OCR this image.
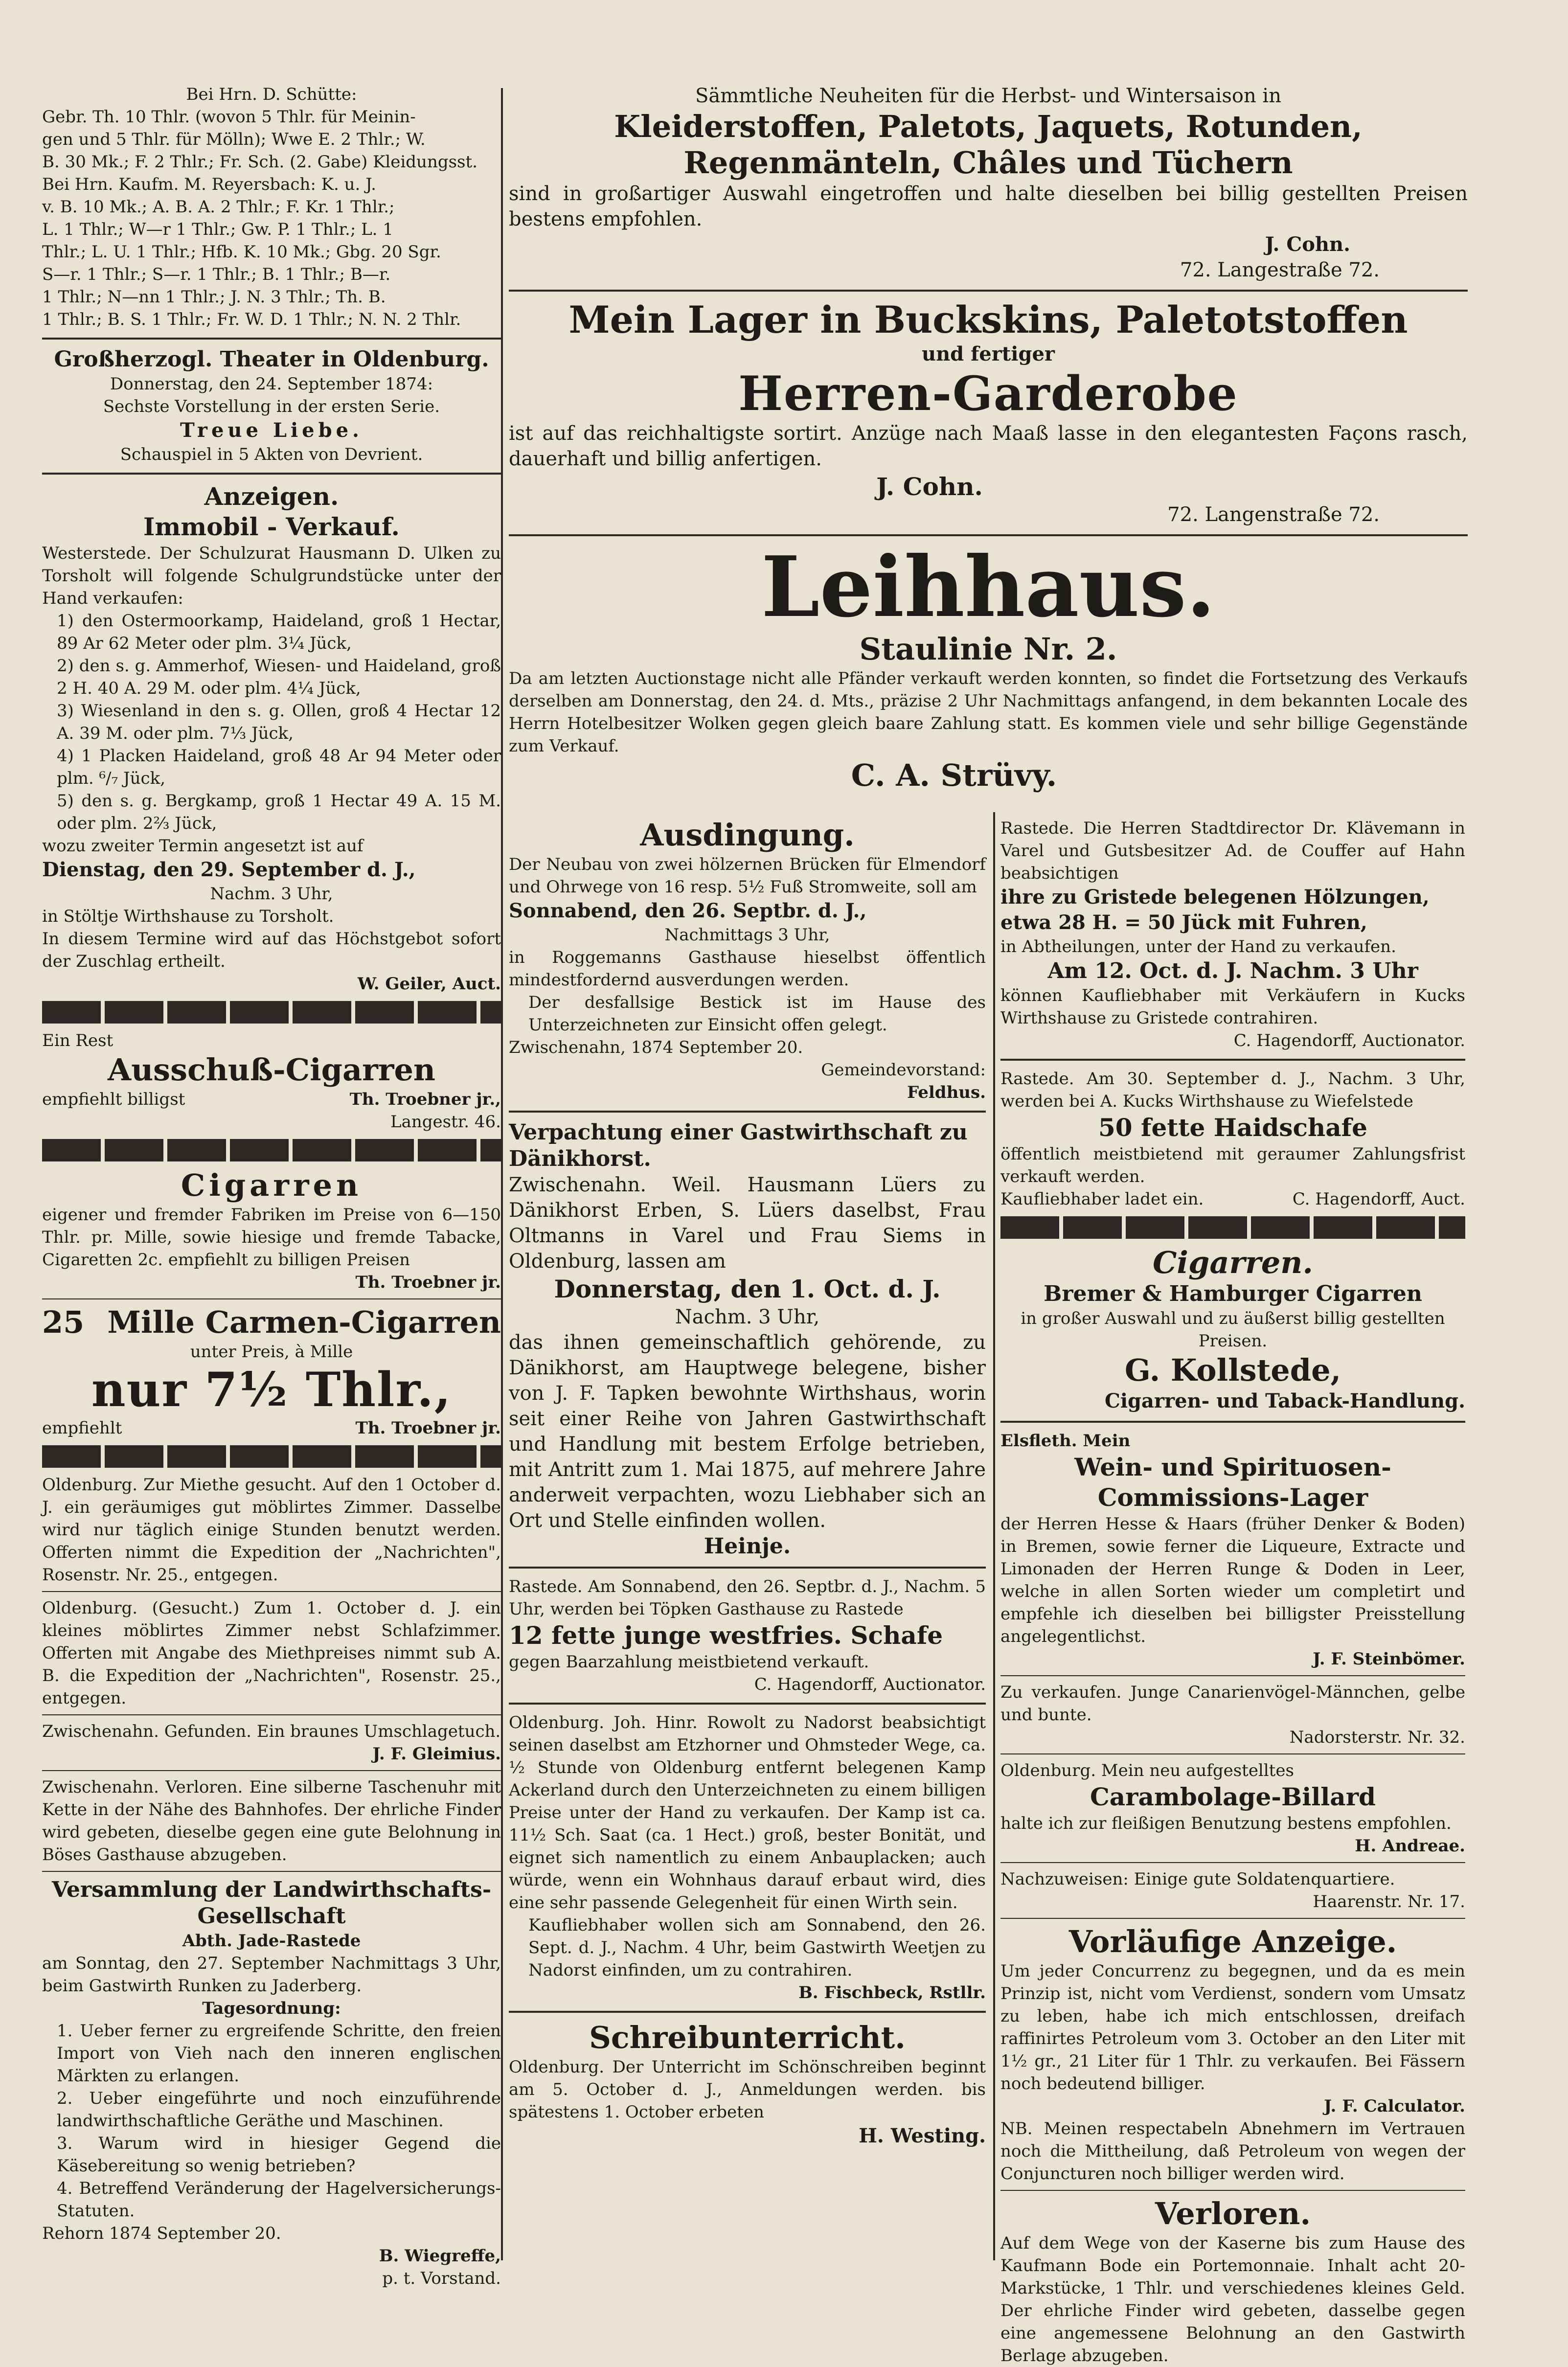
Bei Hrn. D. Schütte:

Gebr. Th. 10 Thlr. (wovon 5 Thlr. für Meinin-

gen und 5 Thlr. für Mölln); Wwe E. 2 Thlr.; W.

B. 30 Mk.; F. 2 Thlr.; Fr. Sch. (2. Gabe) Kleidungsst.

Bei Hrn. Kaufm. M. Reyersbach: K. u. J.

v. B. 10 Mk.; A. B. A. 2 Thlr.; F. Kr. 1 Thlr.;

L. 1 Thlr.; W—r 1 Thlr.; Gw. P. 1 Thlr.; L. 1

Thlr.; L. U. 1 Thlr.; Hfb. K. 10 Mk.; Gbg. 20 Sgr.

S—r. 1 Thlr.; S—r. 1 Thlr.; B. 1 Thlr.; B—r.

1 Thlr.; N—nn 1 Thlr.; J. N. 3 Thlr.; Th. B.

1 Thlr.; B. S. 1 Thlr.; Fr. W. D. 1 Thlr.; N. N. 2 Thlr.

Großherzogl. Theater in Oldenburg.

Donnerstag, den 24. September 1874:

Sechste Vorstellung in der ersten Serie.

Treue Liebe.

Schauspiel in 5 Akten von Devrient.

Anzeigen.

Immobil - Verkauf.

Westerstede. Der Schulzurat Hausmann D. Ulken zu Torsholt will folgende Schulgrundstücke unter der Hand verkaufen:

1) den Ostermoorkamp, Haideland, groß 1 Hectar, 89 Ar 62 Meter oder plm. 3¼ Jück,

2) den s. g. Ammerhof, Wiesen- und Haideland, groß 2 H. 40 A. 29 M. oder plm. 4¼ Jück,

3) Wiesenland in den s. g. Ollen, groß 4 Hectar 12 A. 39 M. oder plm. 7⅓ Jück,

4) 1 Placken Haideland, groß 48 Ar 94 Meter oder plm. ⁶/₇ Jück,

5) den s. g. Bergkamp, groß 1 Hectar 49 A. 15 M. oder plm. 2⅔ Jück,

wozu zweiter Termin angesetzt ist auf

Dienstag, den 29. September d. J.,

Nachm. 3 Uhr,

in Stöltje Wirthshause zu Torsholt.

In diesem Termine wird auf das Höchstgebot sofort der Zuschlag ertheilt.

W. Geiler, Auct.

Ein Rest

Ausschuß-Cigarren

empfiehlt billigst	Th. Troebner jr.,

Langestr. 46.

Cigarren

eigener und fremder Fabriken im Preise von 6—150 Thlr. pr. Mille, sowie hiesige und fremde Tabacke, Cigaretten 2c. empfiehlt zu billigen Preisen

Th. Troebner jr.

25 Mille Carmen-Cigarren

unter Preis, à Mille

nur 7½ Thlr.,

empfiehlt	Th. Troebner jr.

Oldenburg. Zur Miethe gesucht. Auf den 1 October d. J. ein geräumiges gut möblirtes Zimmer. Dasselbe wird nur täglich einige Stunden benutzt werden. Offerten nimmt die Expedition der „Nachrichten", Rosenstr. Nr. 25., entgegen.

Oldenburg. (Gesucht.) Zum 1. October d. J. ein kleines möblirtes Zimmer nebst Schlafzimmer. Offerten mit Angabe des Miethpreises nimmt sub A. B. die Expedition der „Nachrichten", Rosenstr. 25., entgegen.

Zwischenahn. Gefunden. Ein braunes Umschlagetuch.

J. F. Gleimius.

Zwischenahn. Verloren. Eine silberne Taschenuhr mit Kette in der Nähe des Bahnhofes. Der ehrliche Finder wird gebeten, dieselbe gegen eine gute Belohnung in Böses Gasthause abzugeben.

Versammlung der Landwirthschafts-Gesellschaft

Abth. Jade-Rastede

am Sonntag, den 27. September Nachmittags 3 Uhr, beim Gastwirth Runken zu Jaderberg.

Tagesordnung:

1. Ueber ferner zu ergreifende Schritte, den freien Import von Vieh nach den inneren englischen Märkten zu erlangen.

2. Ueber eingeführte und noch einzuführende landwirthschaftliche Geräthe und Maschinen.

3. Warum wird in hiesiger Gegend die Käsebereitung so wenig betrieben?

4. Betreffend Veränderung der Hagelversicherungs-Statuten.

Rehorn 1874 September 20.

B. Wiegreffe,

p. t. Vorstand.

Sämmtliche Neuheiten für die Herbst- und Wintersaison in

Kleiderstoffen, Paletots, Jaquets, Rotunden, Regenmänteln, Châles und Tüchern

sind in großartiger Auswahl eingetroffen und halte dieselben bei billig gestellten Preisen bestens empfohlen.

J. Cohn.

72. Langestraße 72.

Mein Lager in Buckskins, Paletotstoffen

und fertiger

Herren-Garderobe

ist auf das reichhaltigste sortirt. Anzüge nach Maaß lasse in den elegantesten Façons rasch, dauerhaft und billig anfertigen.

J. Cohn.

72. Langenstraße 72.

Leihhaus.

Staulinie Nr. 2.

Da am letzten Auctionstage nicht alle Pfänder verkauft werden konnten, so findet die Fortsetzung des Verkaufs derselben am Donnerstag, den 24. d. Mts., präzise 2 Uhr Nachmittags anfangend, in dem bekannten Locale des Herrn Hotelbesitzer Wolken gegen gleich baare Zahlung statt. Es kommen viele und sehr billige Gegenstände zum Verkauf.

C. A. Strüvy.

Ausdingung.

Der Neubau von zwei hölzernen Brücken für Elmendorf und Ohrwege von 16 resp. 5½ Fuß Stromweite, soll am

Sonnabend, den 26. Septbr. d. J.,

Nachmittags 3 Uhr,

in Roggemanns Gasthause hieselbst öffentlich mindestfordernd ausverdungen werden.

Der desfallsige Bestick ist im Hause des Unterzeichneten zur Einsicht offen gelegt.

Zwischenahn, 1874 September 20.

Gemeindevorstand:

Feldhus.

Verpachtung einer Gastwirthschaft zu Dänikhorst.

Zwischenahn. Weil. Hausmann Lüers zu Dänikhorst Erben, S. Lüers daselbst, Frau Oltmanns in Varel und Frau Siems in Oldenburg, lassen am

Donnerstag, den 1. Oct. d. J.

Nachm. 3 Uhr,

das ihnen gemeinschaftlich gehörende, zu Dänikhorst, am Hauptwege belegene, bisher von J. F. Tapken bewohnte Wirthshaus, worin seit einer Reihe von Jahren Gastwirthschaft und Handlung mit bestem Erfolge betrieben, mit Antritt zum 1. Mai 1875, auf mehrere Jahre anderweit verpachten, wozu Liebhaber sich an Ort und Stelle einfinden wollen.

Heinje.

Rastede. Am Sonnabend, den 26. Septbr. d. J., Nachm. 5 Uhr, werden bei Töpken Gasthause zu Rastede

12 fette junge westfries. Schafe

gegen Baarzahlung meistbietend verkauft.

C. Hagendorff, Auctionator.

Oldenburg. Joh. Hinr. Rowolt zu Nadorst beabsichtigt seinen daselbst am Etzhorner und Ohmsteder Wege, ca. ½ Stunde von Oldenburg entfernt belegenen Kamp Ackerland durch den Unterzeichneten zu einem billigen Preise unter der Hand zu verkaufen. Der Kamp ist ca. 11½ Sch. Saat (ca. 1 Hect.) groß, bester Bonität, und eignet sich namentlich zu einem Anbauplacken; auch würde, wenn ein Wohnhaus darauf erbaut wird, dies eine sehr passende Gelegenheit für einen Wirth sein.

Kaufliebhaber wollen sich am Sonnabend, den 26. Sept. d. J., Nachm. 4 Uhr, beim Gastwirth Weetjen zu Nadorst einfinden, um zu contrahiren.

B. Fischbeck, Rstllr.

Schreibunterricht.

Oldenburg. Der Unterricht im Schönschreiben beginnt am 5. October d. J., Anmeldungen werden. bis spätestens 1. October erbeten

H. Westing.

Rastede. Die Herren Stadtdirector Dr. Klävemann in Varel und Gutsbesitzer Ad. de Couffer auf Hahn beabsichtigen

ihre zu Gristede belegenen Hölzungen, etwa 28 H. = 50 Jück mit Fuhren,

in Abtheilungen, unter der Hand zu verkaufen.

Am 12. Oct. d. J. Nachm. 3 Uhr

können Kaufliebhaber mit Verkäufern in Kucks Wirthshause zu Gristede contrahiren.

C. Hagendorff, Auctionator.

Rastede. Am 30. September d. J., Nachm. 3 Uhr, werden bei A. Kucks Wirthshause zu Wiefelstede

50 fette Haidschafe

öffentlich meistbietend mit geraumer Zahlungsfrist verkauft werden.

Kaufliebhaber ladet ein.	C. Hagendorff, Auct.

Cigarren.

Bremer & Hamburger Cigarren

in großer Auswahl und zu äußerst billig gestellten Preisen.

G. Kollstede,

Cigarren- und Taback-Handlung.

Elsfleth. Mein

Wein- und Spirituosen-Commissions-Lager

der Herren Hesse & Haars (früher Denker & Boden) in Bremen, sowie ferner die Liqueure, Extracte und Limonaden der Herren Runge & Doden in Leer, welche in allen Sorten wieder um completirt und empfehle ich dieselben bei billigster Preisstellung angelegentlichst.

J. F. Steinbömer.

Zu verkaufen. Junge Canarienvögel-Männchen, gelbe und bunte.

Nadorsterstr. Nr. 32.

Oldenburg. Mein neu aufgestelltes

Carambolage-Billard

halte ich zur fleißigen Benutzung bestens empfohlen.

H. Andreae.

Nachzuweisen: Einige gute Soldatenquartiere.

Haarenstr. Nr. 17.

Vorläufige Anzeige.

Um jeder Concurrenz zu begegnen, und da es mein Prinzip ist, nicht vom Verdienst, sondern vom Umsatz zu leben, habe ich mich entschlossen, dreifach raffinirtes Petroleum vom 3. October an den Liter mit 1½ gr., 21 Liter für 1 Thlr. zu verkaufen. Bei Fässern noch bedeutend billiger.

J. F. Calculator.

NB. Meinen respectabeln Abnehmern im Vertrauen noch die Mittheilung, daß Petroleum von wegen der Conjuncturen noch billiger werden wird.

Verloren.

Auf dem Wege von der Kaserne bis zum Hause des Kaufmann Bode ein Portemonnaie. Inhalt acht 20-Markstücke, 1 Thlr. und verschiedenes kleines Geld. Der ehrliche Finder wird gebeten, dasselbe gegen eine angemessene Belohnung an den Gastwirth Berlage abzugeben.
